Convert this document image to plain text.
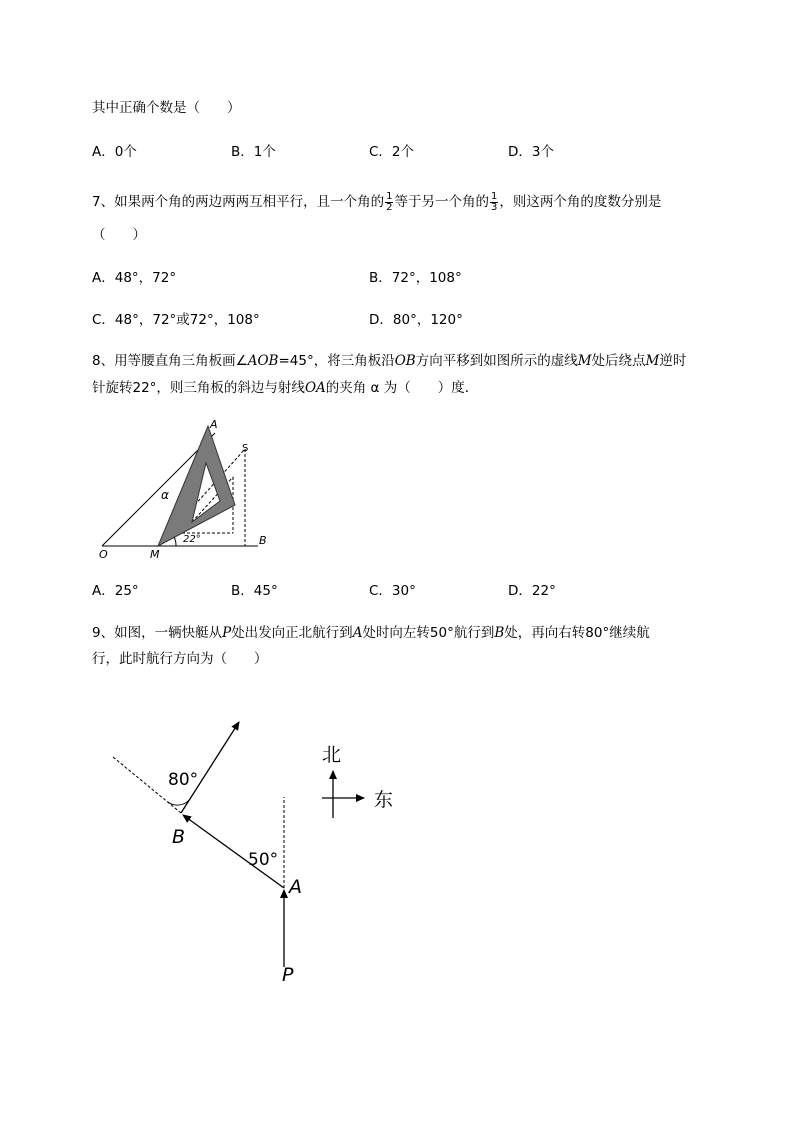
其中正确个数是（　　）
A．0个	B．1个	C．2个	D．3个
7、如果两个角的两边两两互相平行，且一个角的 $\frac{1}{2}$ 等于另一个角的 $\frac{1}{3}$ ，则这两个角的度数分别是
（　　）
A．48°，72°	B．72°，108°
C．48°，72°或72°，108°	D．80°，120°
8、用等腰直角三角板画∠AOB=45°，将三角板沿OB方向平移到如图所示的虚线M处后绕点M逆时
针旋转22°，则三角板的斜边与射线OA的夹角 α 为（　　）度．
A
S
α
O	M
B
22°
A．25°	B．45°	C．30°	D．22°
9、如图，一辆快艇从P处出发向正北航行到A处时向左转50°航行到B处，再向右转80°继续航
行，此时航行方向为（　　）
80°
50°
B
A
P
北
东
